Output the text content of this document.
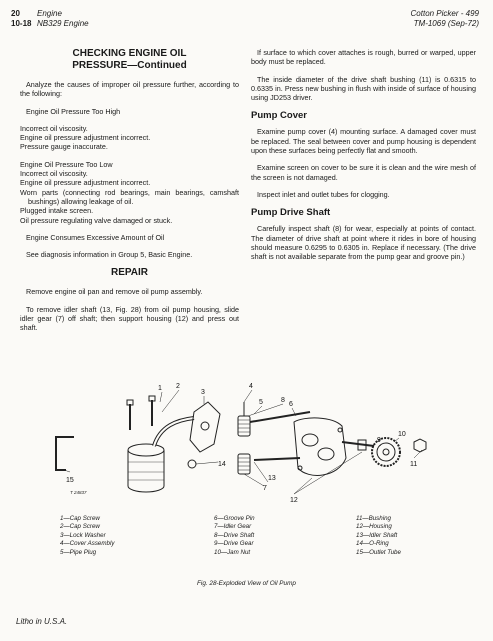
20 Engine
10-18 NB329 Engine
Cotton Picker - 499
TM-1069 (Sep-72)
CHECKING ENGINE OIL
PRESSURE—Continued

Analyze the causes of improper oil pressure further, according to the following:

Engine Oil Pressure Too High

Incorrect oil viscosity.

Engine oil pressure adjustment incorrect.

Pressure gauge inaccurate.

Engine Oil Pressure Too Low

Incorrect oil viscosity.

Engine oil pressure adjustment incorrect.

Worn parts (connecting rod bearings, main bearings, camshaft bushings) allowing leakage of oil.

Plugged intake screen.

Oil pressure regulating valve damaged or stuck.

Engine Consumes Excessive Amount of Oil

See diagnosis information in Group 5, Basic Engine.

REPAIR

Remove engine oil pan and remove oil pump assembly.

To remove idler shaft (13, Fig. 28) from oil pump housing, slide idler gear (7) off shaft; then support housing (12) and press out shaft.

If surface to which cover attaches is rough, burred or warped, upper body must be replaced.

The inside diameter of the drive shaft bushing (11) is 0.6315 to 0.6335 in. Press new bushing in flush with inside of surface of housing using JD253 driver.

Pump Cover

Examine pump cover (4) mounting surface. A damaged cover must be replaced. The seal between cover and pump housing is dependent upon these surfaces being perfectly flat and smooth.

Examine screen on cover to be sure it is clean and the wire mesh of the screen is not damaged.

Inspect inlet and outlet tubes for clogging.

Pump Drive Shaft

Carefully inspect shaft (8) for wear, especially at points of contact. The diameter of drive shaft at point where it rides in bore of housing should measure 0.6295 to 0.6305 in. Replace if necessary. (The drive shaft is not available separate from the pump gear and groove pin.)

1 2
3
4
5	6
7
8
9
10
11
12
13
14
15
T 24837
1—Cap Screw
2—Cap Screw
3—Lock Washer
4—Cover Assembly
5—Pipe Plug
6—Groove Pin
7—Idler Gear
8—Drive Shaft
9—Drive Gear
10—Jam Nut
11—Bushing
12—Housing
13—Idler Shaft
14—O-Ring
15—Outlet Tube
Fig. 28-Exploded View of Oil Pump
Litho in U.S.A.
